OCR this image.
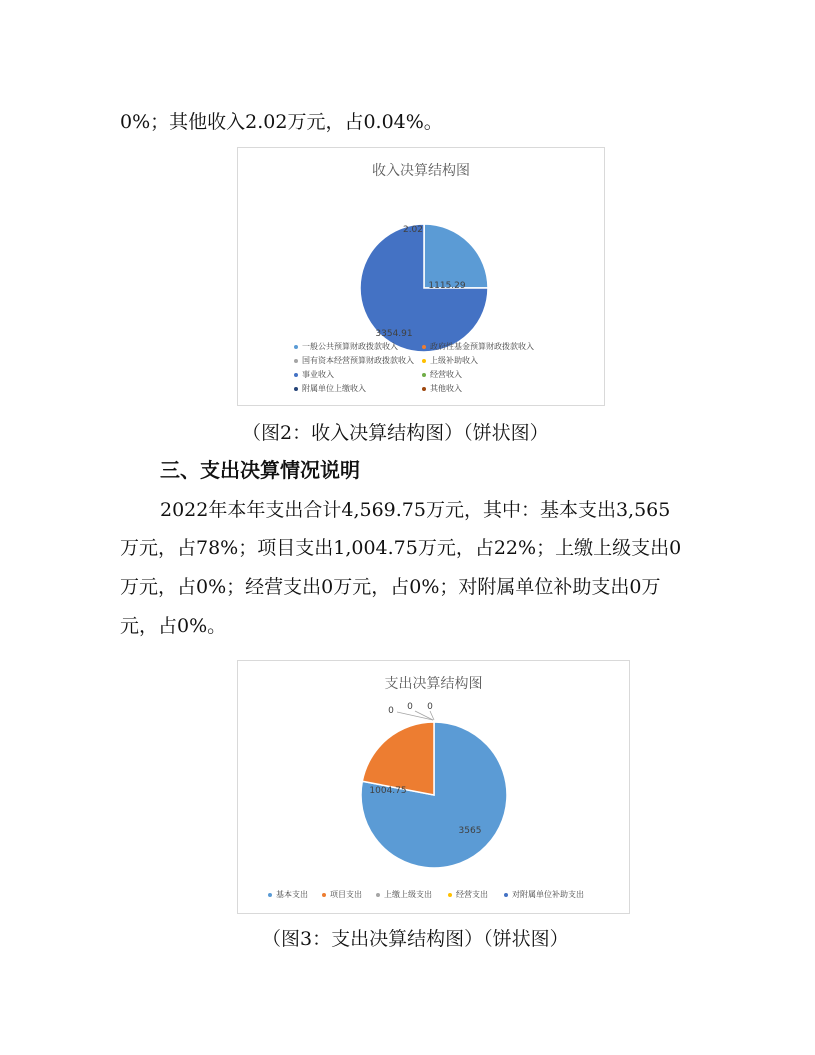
0%；其他收入2.02万元，占0.04%。
收入决算结构图
2.02
1115.29
3354.91
一般公共预算财政拨款收入	政府性基金预算财政拨款收入
国有资本经营预算财政拨款收入	上级补助收入
事业收入	经营收入
附属单位上缴收入	其他收入
（图2：收入决算结构图）（饼状图）
三、支出决算情况说明
2022年本年支出合计4,569.75万元，其中：基本支出3,565
万元，占78%；项目支出1,004.75万元，占22%；上缴上级支出0
万元，占0%；经营支出0万元，占0%；对附属单位补助支出0万
元，占0%。
支出决算结构图
0 0 0
1004.75
3565
基本支出	项目支出	上缴上级支出	经营支出	对附属单位补助支出
（图3：支出决算结构图）（饼状图）
